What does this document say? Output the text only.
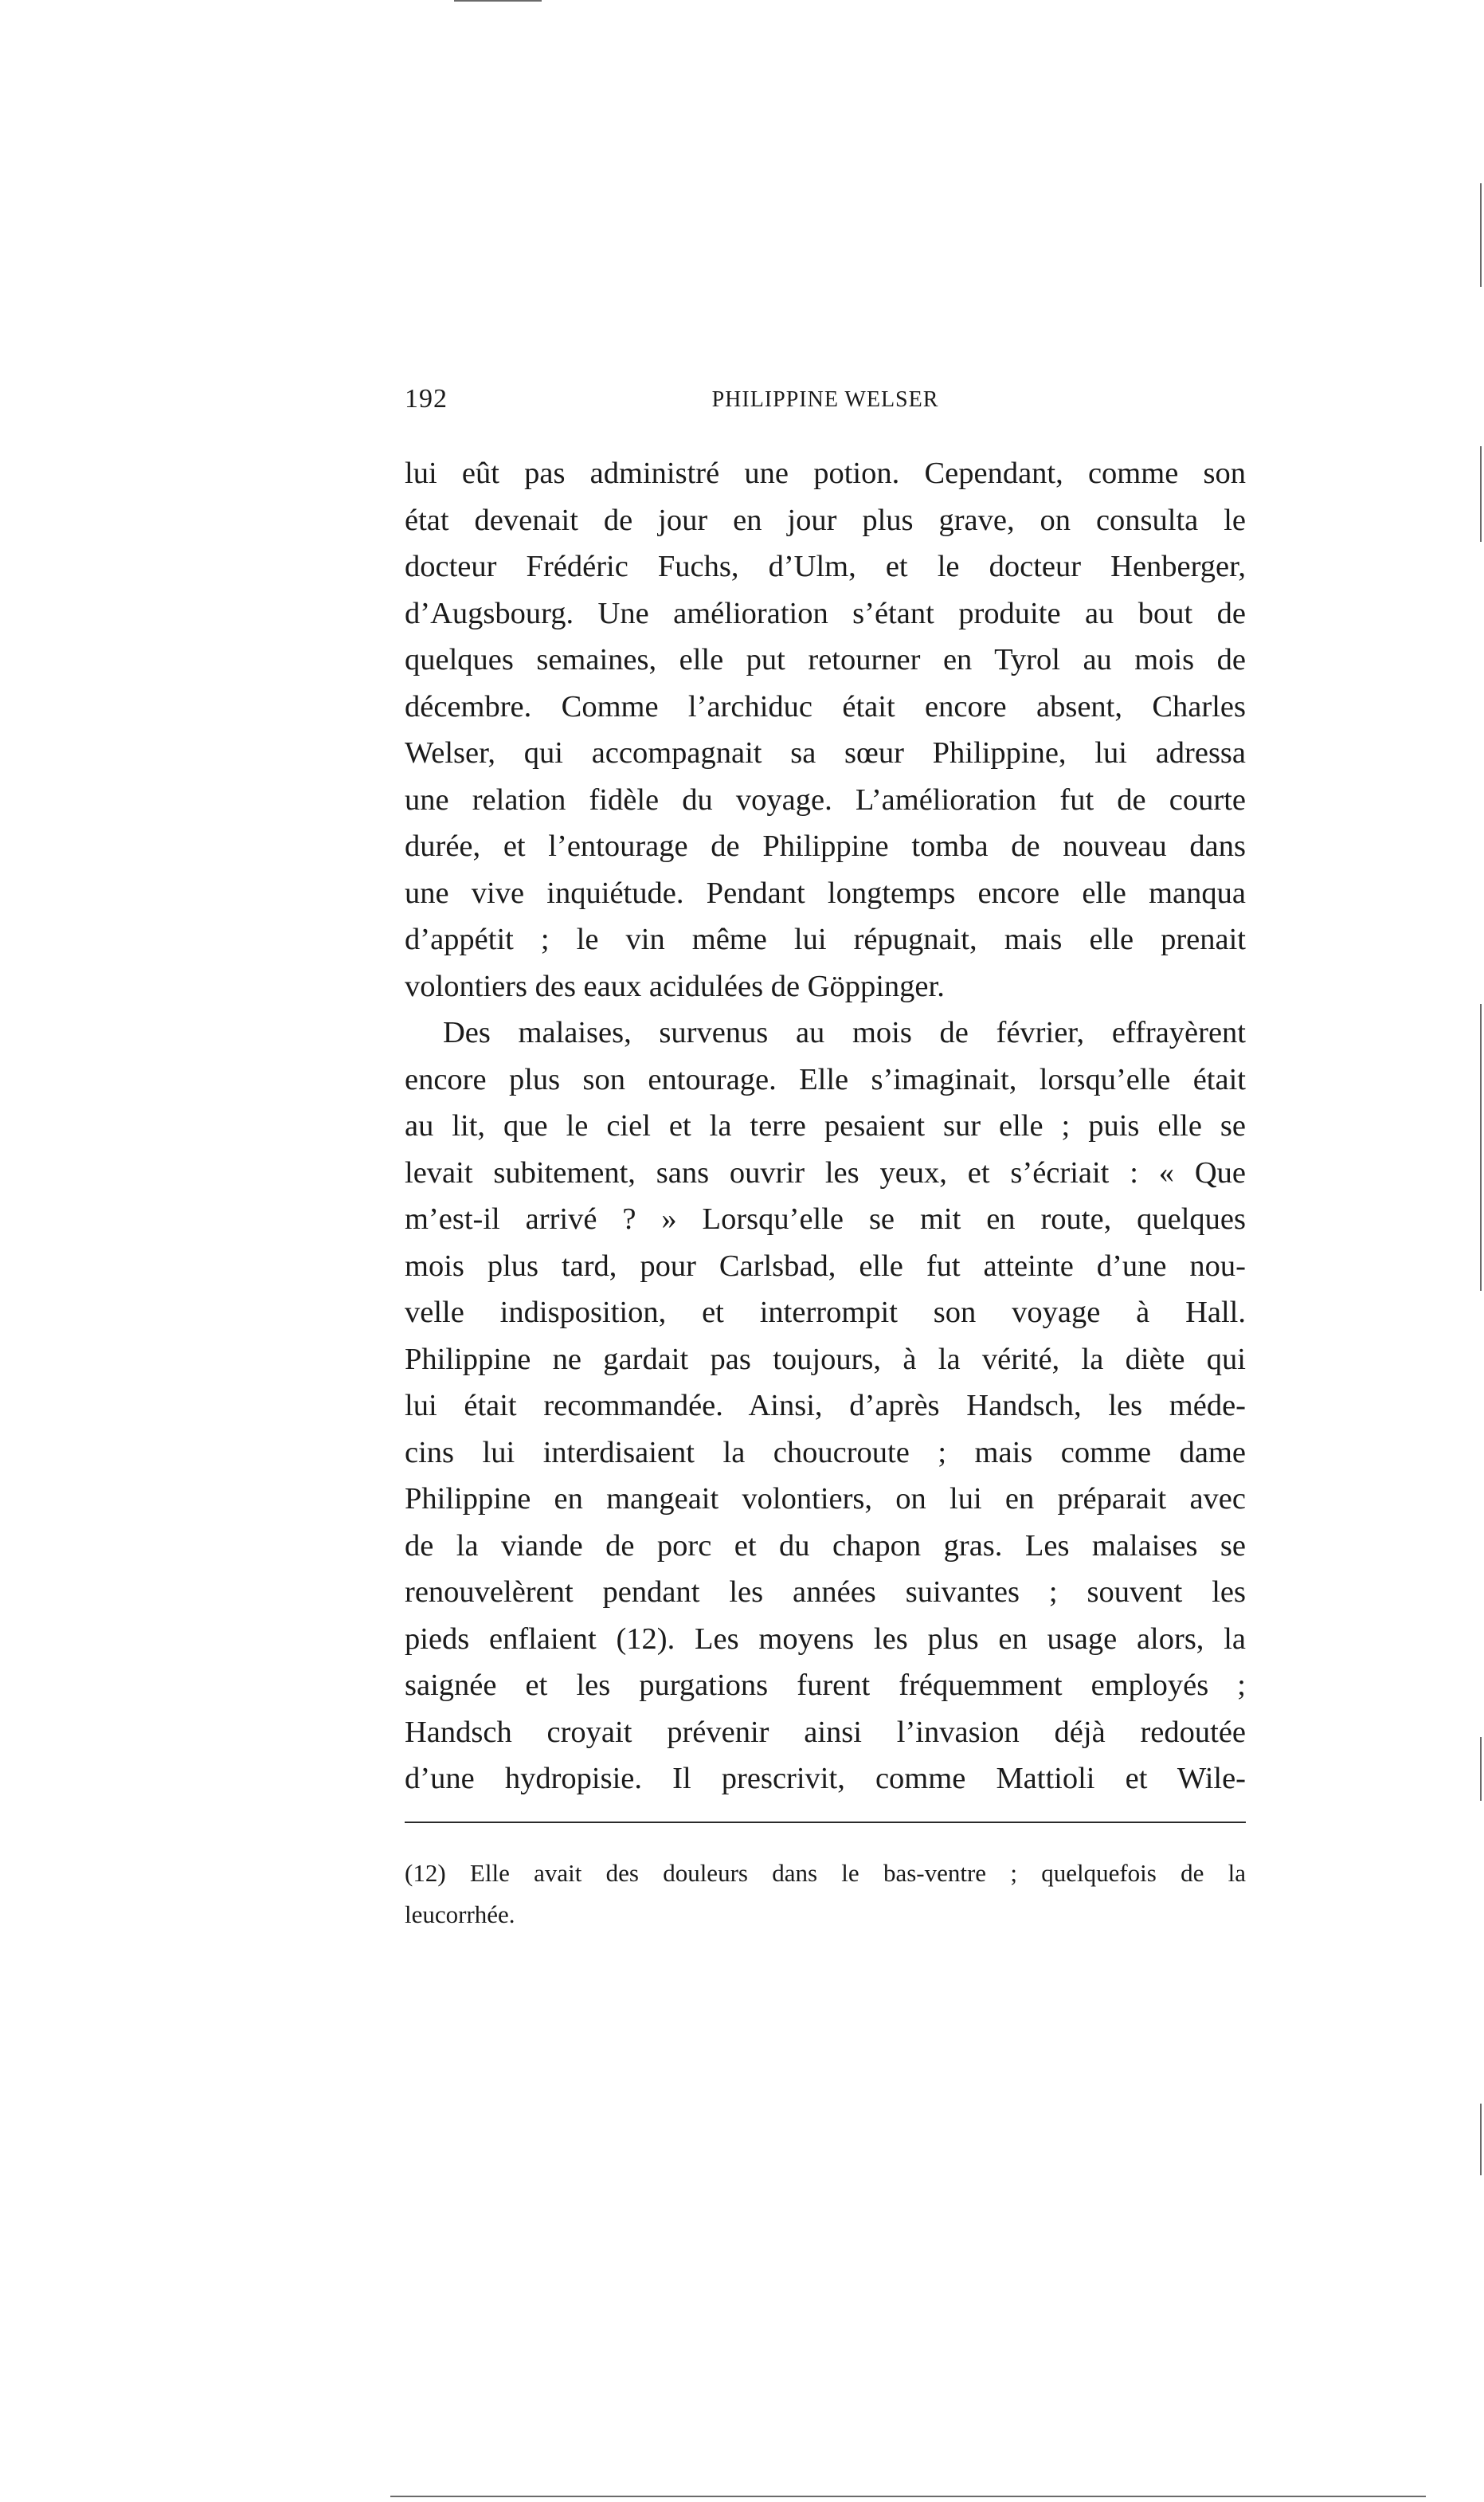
192	PHILIPPINE WELSER
lui eût pas administré une potion. Cependant, comme son
état devenait de jour en jour plus grave, on consulta le
docteur Frédéric Fuchs, d’Ulm, et le docteur Henberger,
d’Augsbourg. Une amélioration s’étant produite au bout de
quelques semaines, elle put retourner en Tyrol au mois de
décembre. Comme l’archiduc était encore absent, Charles
Welser, qui accompagnait sa sœur Philippine, lui adressa
une relation fidèle du voyage. L’amélioration fut de courte
durée, et l’entourage de Philippine tomba de nouveau dans
une vive inquiétude. Pendant longtemps encore elle manqua
d’appétit ; le vin même lui répugnait, mais elle prenait
volontiers des eaux acidulées de Göppinger.
Des malaises, survenus au mois de février, effrayèrent
encore plus son entourage. Elle s’imaginait, lorsqu’elle était
au lit, que le ciel et la terre pesaient sur elle ; puis elle se
levait subitement, sans ouvrir les yeux, et s’écriait : « Que
m’est-il arrivé ? » Lorsqu’elle se mit en route, quelques
mois plus tard, pour Carlsbad, elle fut atteinte d’une nou-
velle indisposition, et interrompit son voyage à Hall.
Philippine ne gardait pas toujours, à la vérité, la diète qui
lui était recommandée. Ainsi, d’après Handsch, les méde-
cins lui interdisaient la choucroute ; mais comme dame
Philippine en mangeait volontiers, on lui en préparait avec
de la viande de porc et du chapon gras. Les malaises se
renouvelèrent pendant les années suivantes ; souvent les
pieds enflaient (12). Les moyens les plus en usage alors, la
saignée et les purgations furent fréquemment employés ;
Handsch croyait prévenir ainsi l’invasion déjà redoutée
d’une hydropisie. Il prescrivit, comme Mattioli et Wile-
(12) Elle avait des douleurs dans le bas-ventre ; quelquefois de la
leucorrhée.
